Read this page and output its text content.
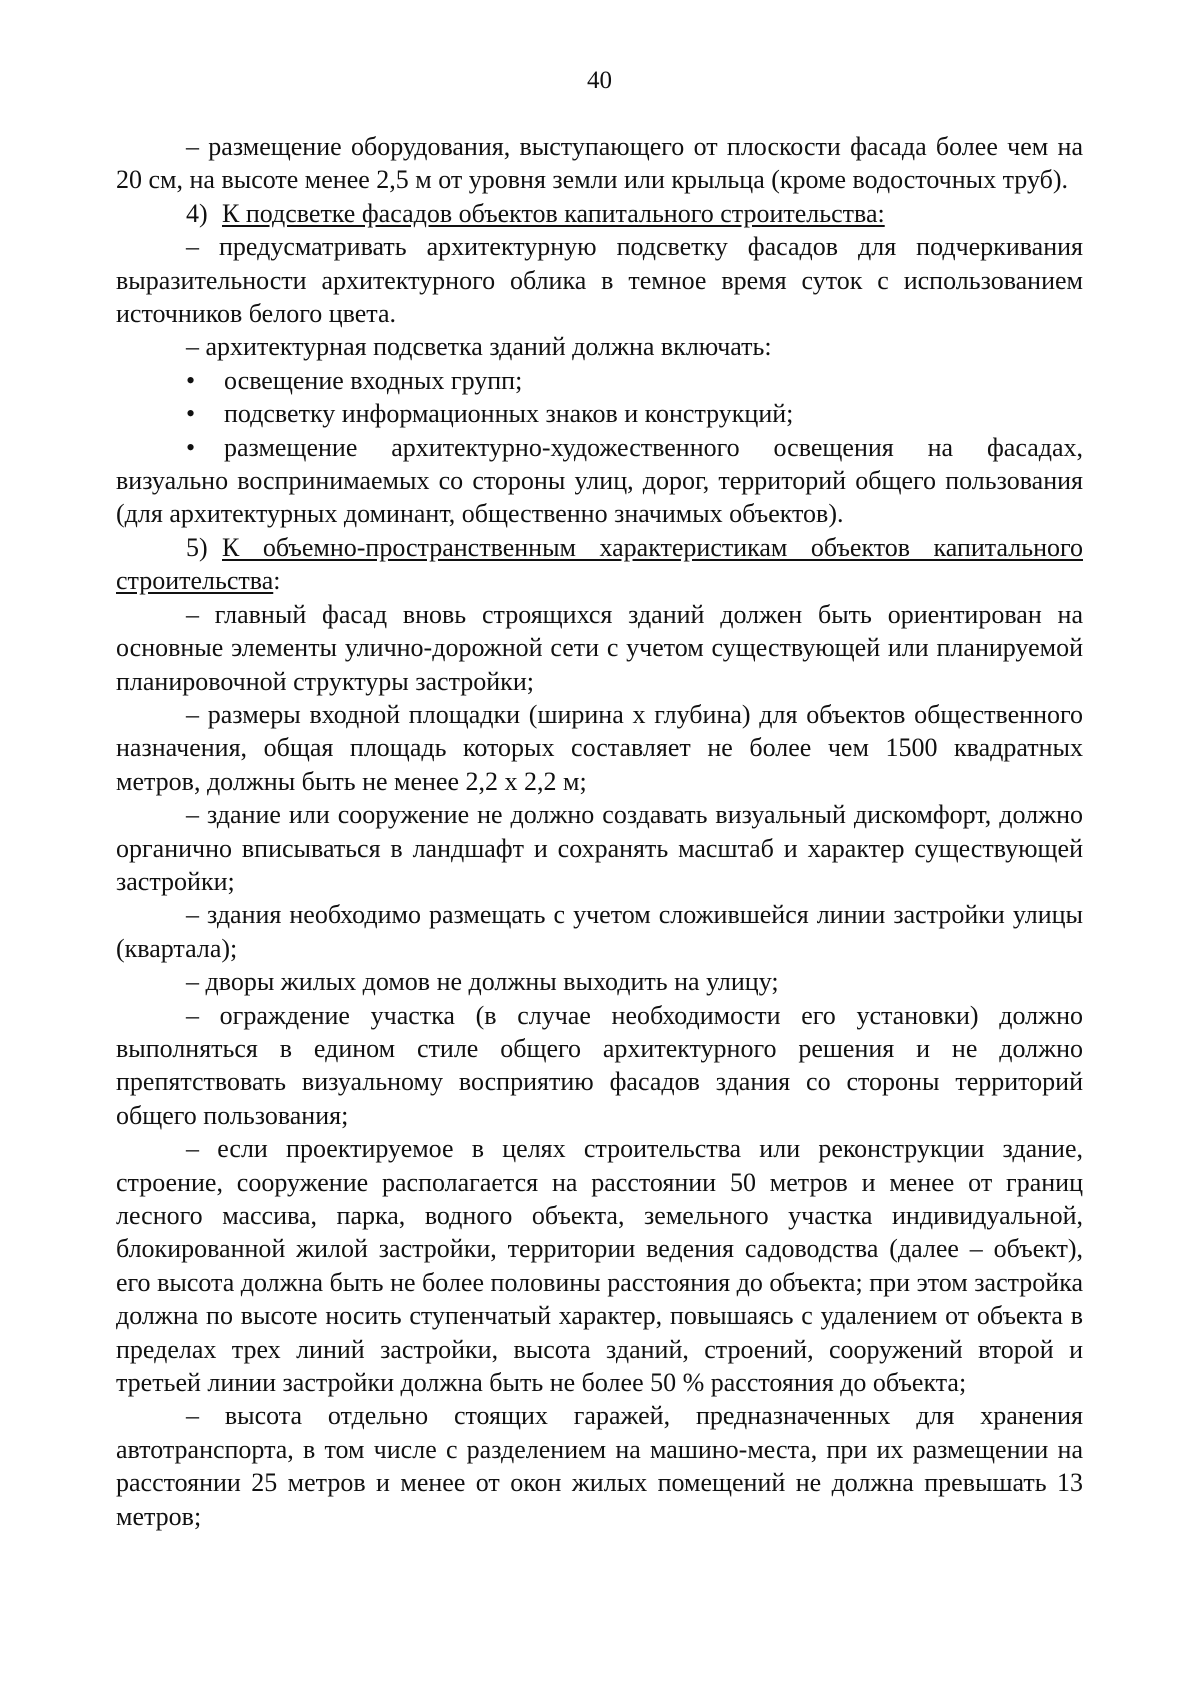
40

– размещение оборудования, выступающего от плоскости фасада более чем на 20 см, на высоте менее 2,5 м от уровня земли или крыльца (кроме водосточных труб).

4) К подсветке фасадов объектов капитального строительства:

– предусматривать архитектурную подсветку фасадов для подчеркивания выразительности архитектурного облика в темное время суток с использованием источников белого цвета.

– архитектурная подсветка зданий должна включать:

• освещение входных групп;

• подсветку информационных знаков и конструкций;

• размещение архитектурно-художественного освещения на фасадах, визуально воспринимаемых со стороны улиц, дорог, территорий общего пользования (для архитектурных доминант, общественно значимых объектов).

5) К объемно-пространственным характеристикам объектов капитального строительства:

– главный фасад вновь строящихся зданий должен быть ориентирован на основные элементы улично-дорожной сети с учетом существующей или планируемой планировочной структуры застройки;

– размеры входной площадки (ширина x глубина) для объектов общественного назначения, общая площадь которых составляет не более чем 1500 квадратных метров, должны быть не менее 2,2 x 2,2 м;

– здание или сооружение не должно создавать визуальный дискомфорт, должно органично вписываться в ландшафт и сохранять масштаб и характер существующей застройки;

– здания необходимо размещать с учетом сложившейся линии застройки улицы (квартала);

– дворы жилых домов не должны выходить на улицу;

– ограждение участка (в случае необходимости его установки) должно выполняться в едином стиле общего архитектурного решения и не должно препятствовать визуальному восприятию фасадов здания со стороны территорий общего пользования;

– если проектируемое в целях строительства или реконструкции здание, строение, сооружение располагается на расстоянии 50 метров и менее от границ лесного массива, парка, водного объекта, земельного участка индивидуальной, блокированной жилой застройки, территории ведения садоводства (далее – объект), его высота должна быть не более половины расстояния до объекта; при этом застройка должна по высоте носить ступенчатый характер, повышаясь с удалением от объекта в пределах трех линий застройки, высота зданий, строений, сооружений второй и третьей линии застройки должна быть не более 50 % расстояния до объекта;

– высота отдельно стоящих гаражей, предназначенных для хранения автотранспорта, в том числе с разделением на машино-места, при их размещении на расстоянии 25 метров и менее от окон жилых помещений не должна превышать 13 метров;
